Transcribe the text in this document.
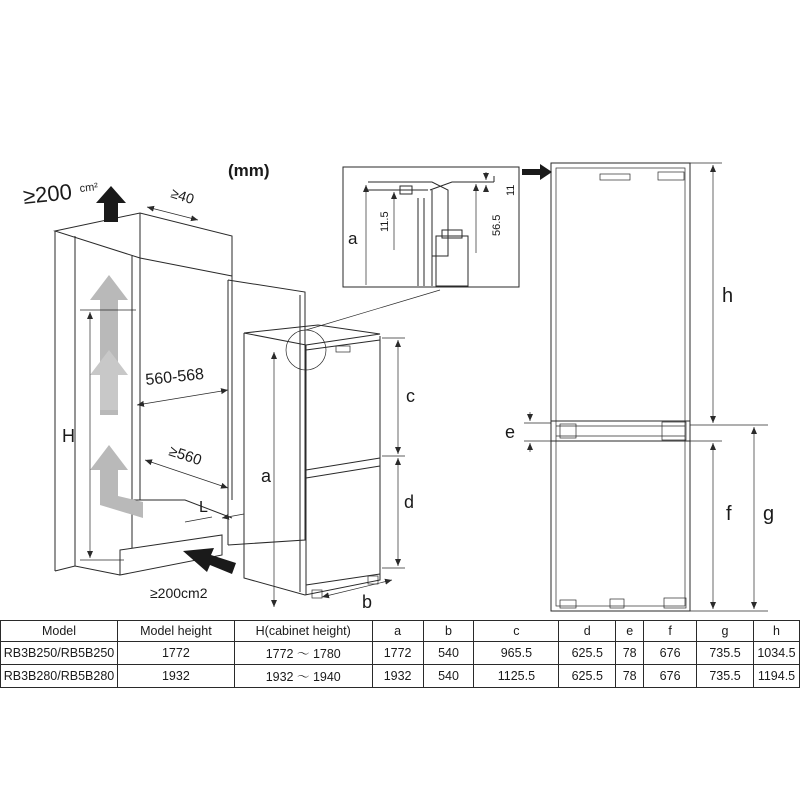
(mm)
≥200 cm²	≥40
≥200cm2
H
560-568
≥560
L
a
c
d
b
a
11.5	56.5
11
h
f g
e
Model	Model height	H(cabinet height)	a	b	c	d	e	f	g	h
RB3B250/RB5B250	1772	1772 ～ 1780	1772	540	965.5	625.5	78	676	735.5	1034.5
RB3B280/RB5B280	1932	1932 ～ 1940	1932	540	1125.5	625.5	78	676	735.5	1194.5
